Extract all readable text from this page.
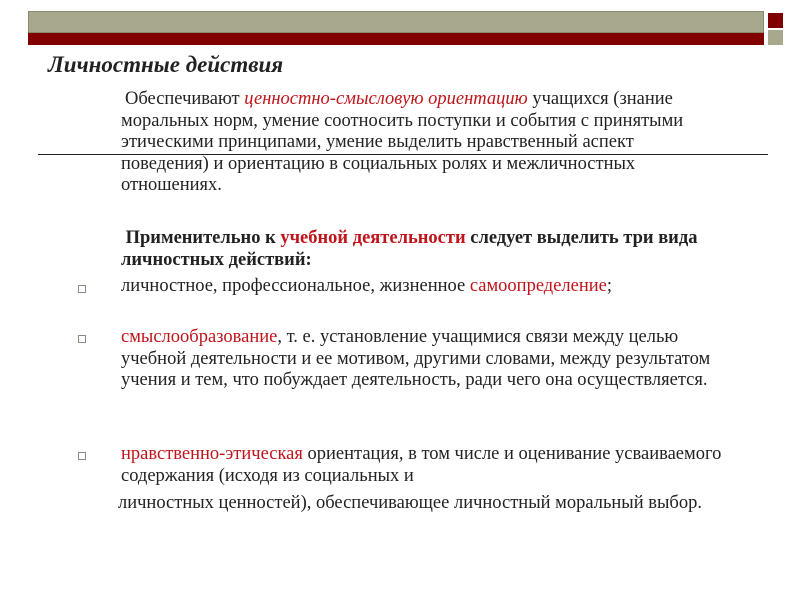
Личностные действия

Обеспечивают ценностно-смысловую ориентацию учащихся (знание моральных норм, умение соотносить поступки и события с принятыми этическими принципами, умение выделить нравственный аспект поведения) и ориентацию в социальных ролях и межличностных отношениях.

Применительно к учебной деятельности следует выделить три вида личностных действий:

личностное, профессиональное, жизненное самоопределение;

смыслообразование, т. е. установление учащимися связи между целью учебной деятельности и ее мотивом, другими словами, между результатом учения и тем, что побуждает деятельность, ради чего она осуществляется.

нравственно-этическая ориентация, в том числе и оценивание усваиваемого содержания (исходя из социальных и
личностных ценностей), обеспечивающее личностный моральный выбор.
